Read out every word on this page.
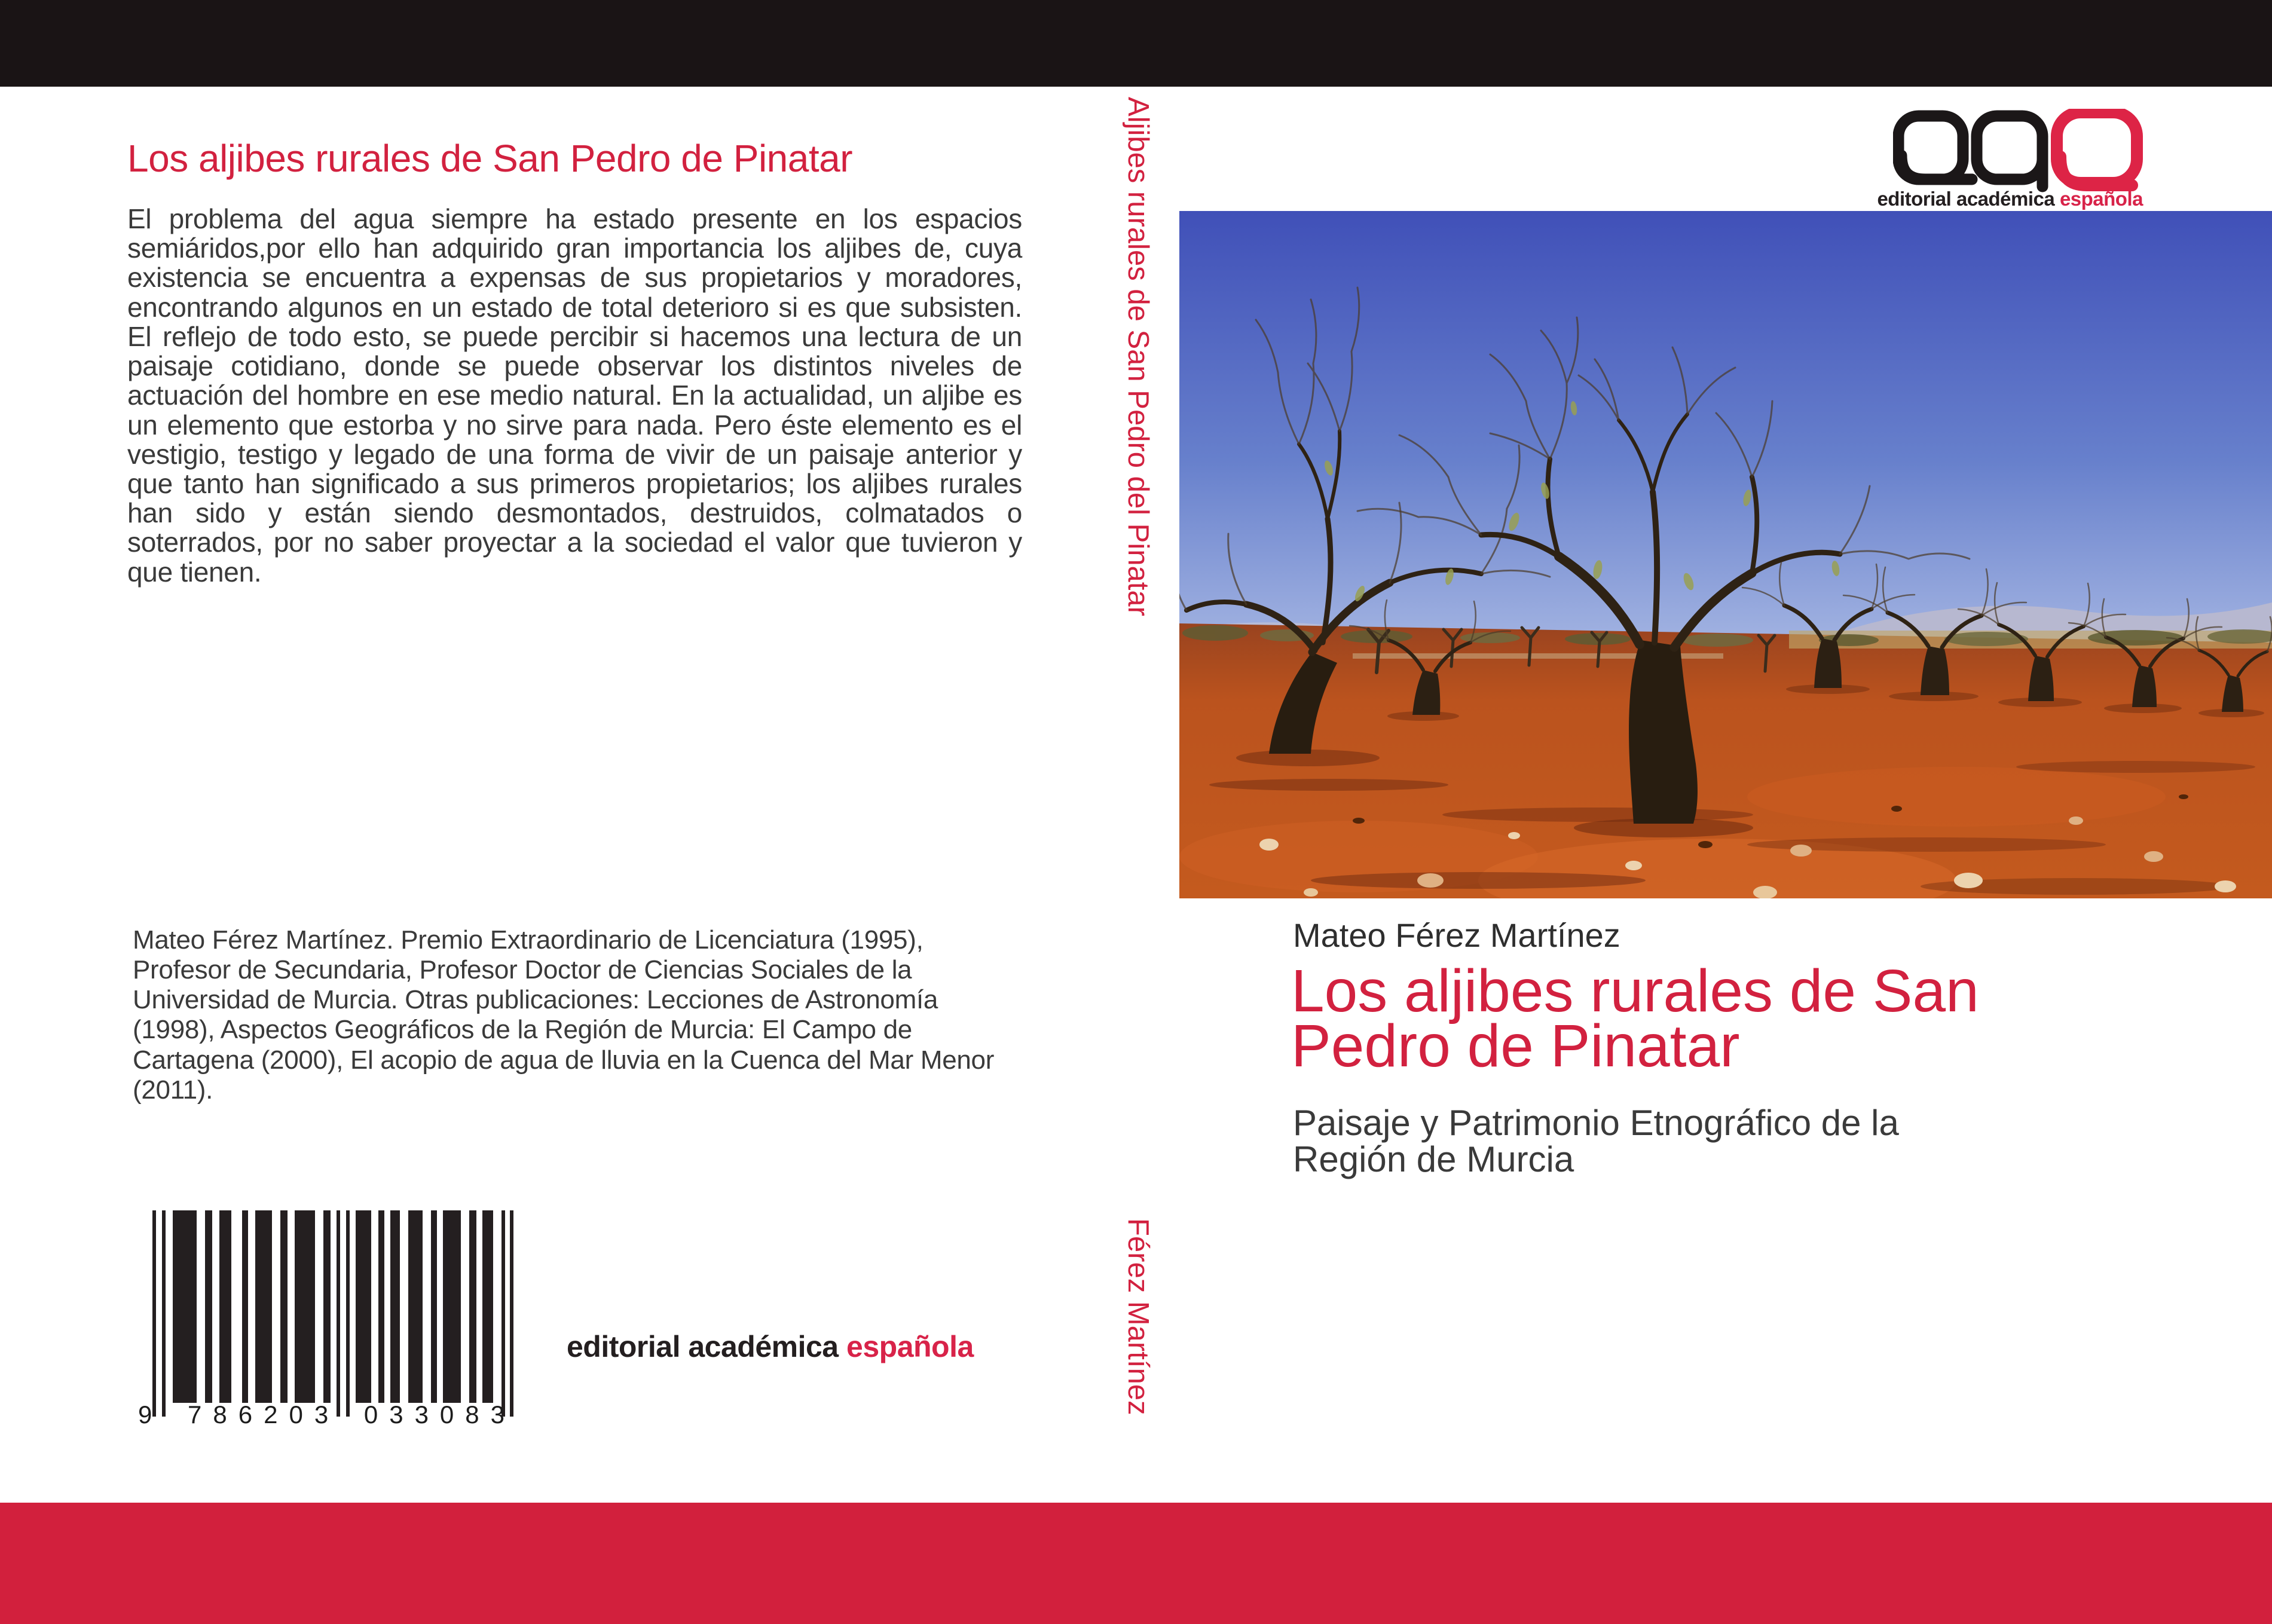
Los aljibes rurales de San Pedro de Pinatar

El problema del agua siempre ha estado presente en los espacios semiáridos,por ello han adquirido gran importancia los aljibes de, cuya existencia se encuentra a expensas de sus propietarios y moradores, encontrando algunos en un estado de total deterioro si es que subsisten. El reflejo de todo esto, se puede percibir si hacemos una lectura de un paisaje cotidiano, donde se puede observar los distintos niveles de actuación del hombre en ese medio natural. En la actualidad, un aljibe es un elemento que estorba y no sirve para nada. Pero éste elemento es el vestigio, testigo y legado de una forma de vivir de un paisaje anterior y que tanto han significado a sus primeros propietarios; los aljibes rurales han sido y están siendo desmontados, destruidos, colmatados o soterrados, por no saber proyectar a la sociedad el valor que tuvieron y que tienen.

Mateo Férez Martínez. Premio Extraordinario de Licenciatura (1995), Profesor de Secundaria, Profesor Doctor de Ciencias Sociales de la Universidad de Murcia. Otras publicaciones: Lecciones de Astronomía (1998), Aspectos Geográficos de la Región de Murcia: El Campo de Cartagena (2000), El acopio de agua de lluvia en la Cuenca del Mar Menor (2011).

9 786203 033083

editorial académica española

Aljibes rurales de San Pedro del Pinatar

Férez Martínez

editorial académica española

Mateo Férez Martínez

Los aljibes rurales de San
Pedro de Pinatar
Paisaje y Patrimonio Etnográfico de la
Región de Murcia
